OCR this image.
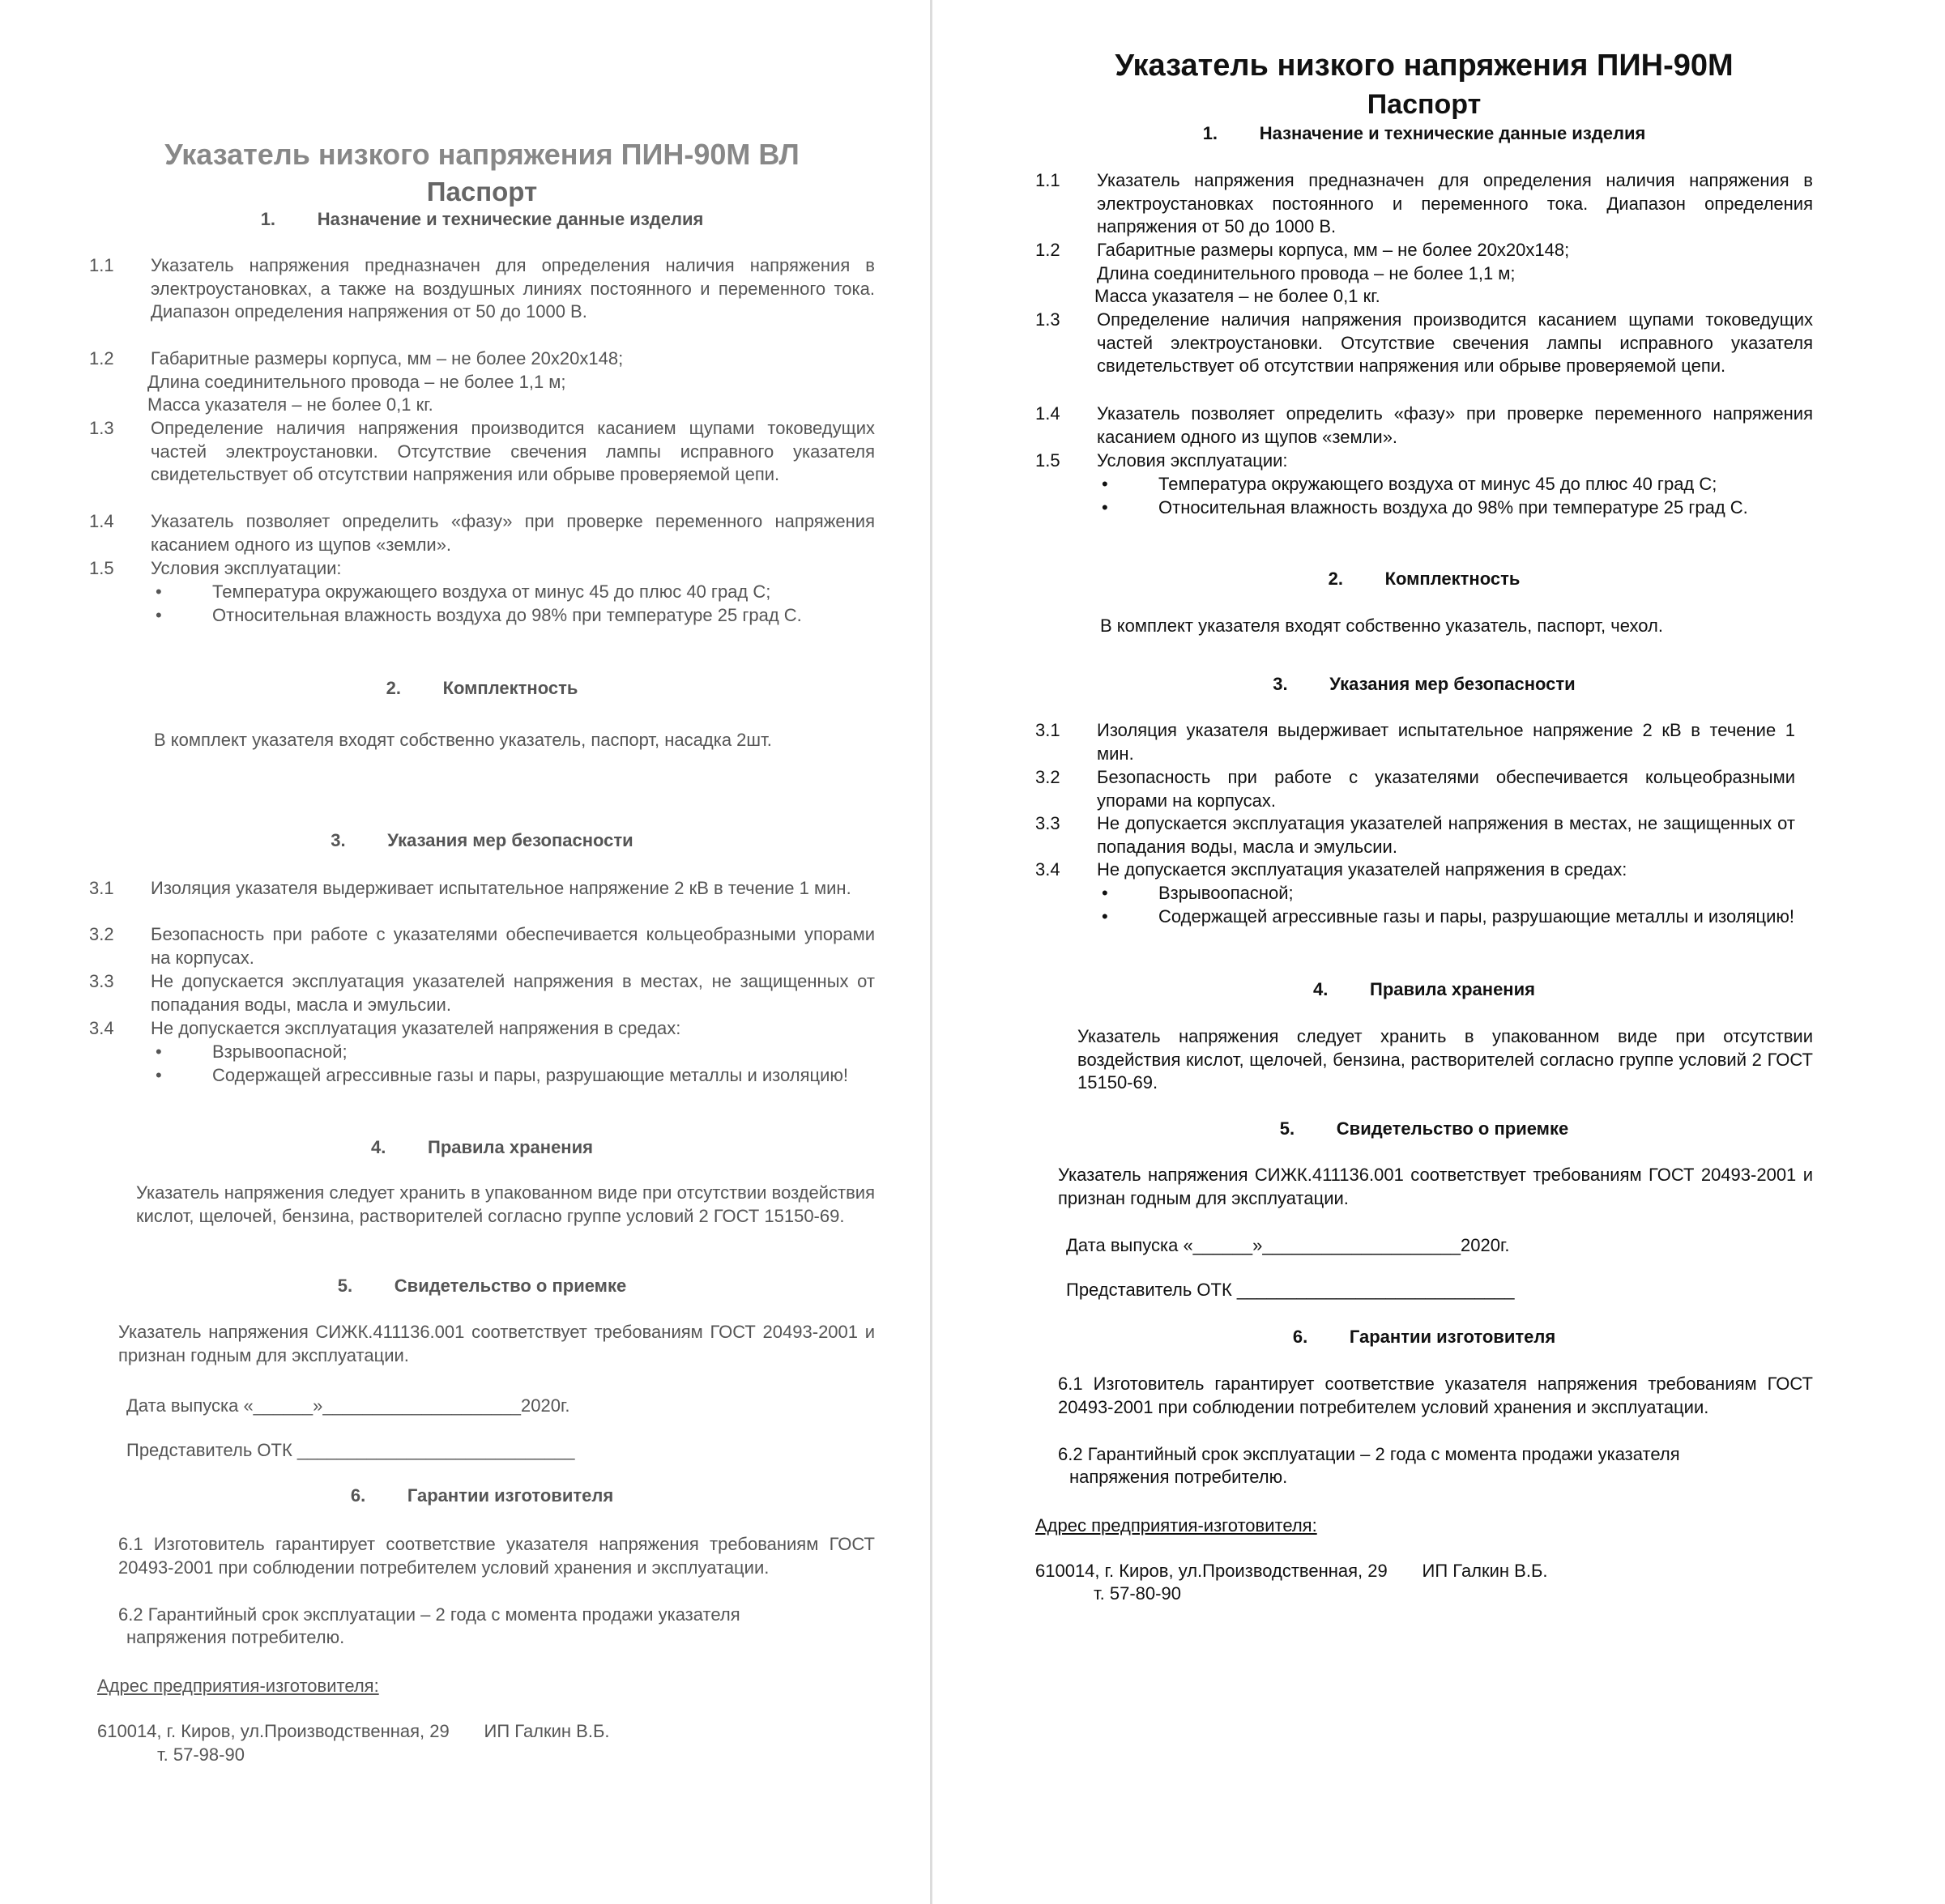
Указатель низкого напряжения ПИН-90М ВЛ
Паспорт
1. Назначение и технические данные изделия
1.1	Указатель напряжения предназначен для определения наличия напряжения в электроустановках, а также на воздушных линиях постоянного и переменного тока. Диапазон определения напряжения от 50 до 1000 В.
1.2	Габаритные размеры корпуса, мм – не более 20х20х148;
Длина соединительного провода – не более 1,1 м;
Масса указателя – не более 0,1 кг.
1.3	Определение наличия напряжения производится касанием щупами токоведущих частей электроустановки. Отсутствие свечения лампы исправного указателя свидетельствует об отсутствии напряжения или обрыве проверяемой цепи.
1.4	Указатель позволяет определить «фазу» при проверке переменного напряжения касанием одного из щупов «земли».
1.5	Условия эксплуатации:
• Температура окружающего воздуха от минус 45 до плюс 40 град С;
• Относительная влажность воздуха до 98% при температуре 25 град С.
2. Комплектность
В комплект указателя входят собственно указатель, паспорт, насадка 2шт.
3. Указания мер безопасности
3.1	Изоляция указателя выдерживает испытательное напряжение 2 кВ в течение 1 мин.
3.2	Безопасность при работе с указателями обеспечивается кольцеобразными упорами на корпусах.
3.3	Не допускается эксплуатация указателей напряжения в местах, не защищенных от попадания воды, масла и эмульсии.
3.4	Не допускается эксплуатация указателей напряжения в средах:
• Взрывоопасной;
• Содержащей агрессивные газы и пары, разрушающие металлы и изоляцию!
4. Правила хранения
Указатель напряжения следует хранить в упакованном виде при отсутствии воздействия кислот, щелочей, бензина, растворителей согласно группе условий 2 ГОСТ 15150-69.
5. Свидетельство о приемке
Указатель напряжения СИЖК.411136.001 соответствует требованиям ГОСТ 20493-2001 и признан годным для эксплуатации.
Дата выпуска «______»____________________2020г.
Представитель ОТК ____________________________
6. Гарантии изготовителя
6.1 Изготовитель гарантирует соответствие указателя напряжения требованиям ГОСТ 20493-2001 при соблюдении потребителем условий хранения и эксплуатации.
6.2 Гарантийный срок эксплуатации – 2 года с момента продажи указателя
напряжения потребителю.
Адрес предприятия-изготовителя:
610014, г. Киров, ул.Производственная, 29       ИП Галкин В.Б.
т. 57-98-90
Указатель низкого напряжения ПИН-90М
Паспорт
1. Назначение и технические данные изделия
1.1	Указатель напряжения предназначен для определения наличия напряжения в электроустановках постоянного и переменного тока. Диапазон определения напряжения от 50 до 1000 В.
1.2	Габаритные размеры корпуса, мм – не более 20х20х148;
Длина соединительного провода – не более 1,1 м;
Масса указателя – не более 0,1 кг.
1.3	Определение наличия напряжения производится касанием щупами токоведущих частей электроустановки. Отсутствие свечения лампы исправного указателя свидетельствует об отсутствии напряжения или обрыве проверяемой цепи.
1.4	Указатель позволяет определить «фазу» при проверке переменного напряжения касанием одного из щупов «земли».
1.5	Условия эксплуатации:
• Температура окружающего воздуха от минус 45 до плюс 40 град С;
• Относительная влажность воздуха до 98% при температуре 25 град С.
2. Комплектность
В комплект указателя входят собственно указатель, паспорт, чехол.
3. Указания мер безопасности
3.1	Изоляция указателя выдерживает испытательное напряжение 2 кВ в течение 1 мин.
3.2	Безопасность при работе с указателями обеспечивается кольцеобразными упорами на корпусах.
3.3	Не допускается эксплуатация указателей напряжения в местах, не защищенных от попадания воды, масла и эмульсии.
3.4	Не допускается эксплуатация указателей напряжения в средах:
• Взрывоопасной;
• Содержащей агрессивные газы и пары, разрушающие металлы и изоляцию!
4. Правила хранения
Указатель напряжения следует хранить в упакованном виде при отсутствии воздействия кислот, щелочей, бензина, растворителей согласно группе условий 2 ГОСТ 15150-69.
5. Свидетельство о приемке
Указатель напряжения СИЖК.411136.001 соответствует требованиям ГОСТ 20493-2001 и признан годным для эксплуатации.
Дата выпуска «______»____________________2020г.
Представитель ОТК ____________________________
6. Гарантии изготовителя
6.1 Изготовитель гарантирует соответствие указателя напряжения требованиям ГОСТ 20493-2001 при соблюдении потребителем условий хранения и эксплуатации.
6.2 Гарантийный срок эксплуатации – 2 года с момента продажи указателя
напряжения потребителю.
Адрес предприятия-изготовителя:
610014, г. Киров, ул.Производственная, 29       ИП Галкин В.Б.
т. 57-80-90
